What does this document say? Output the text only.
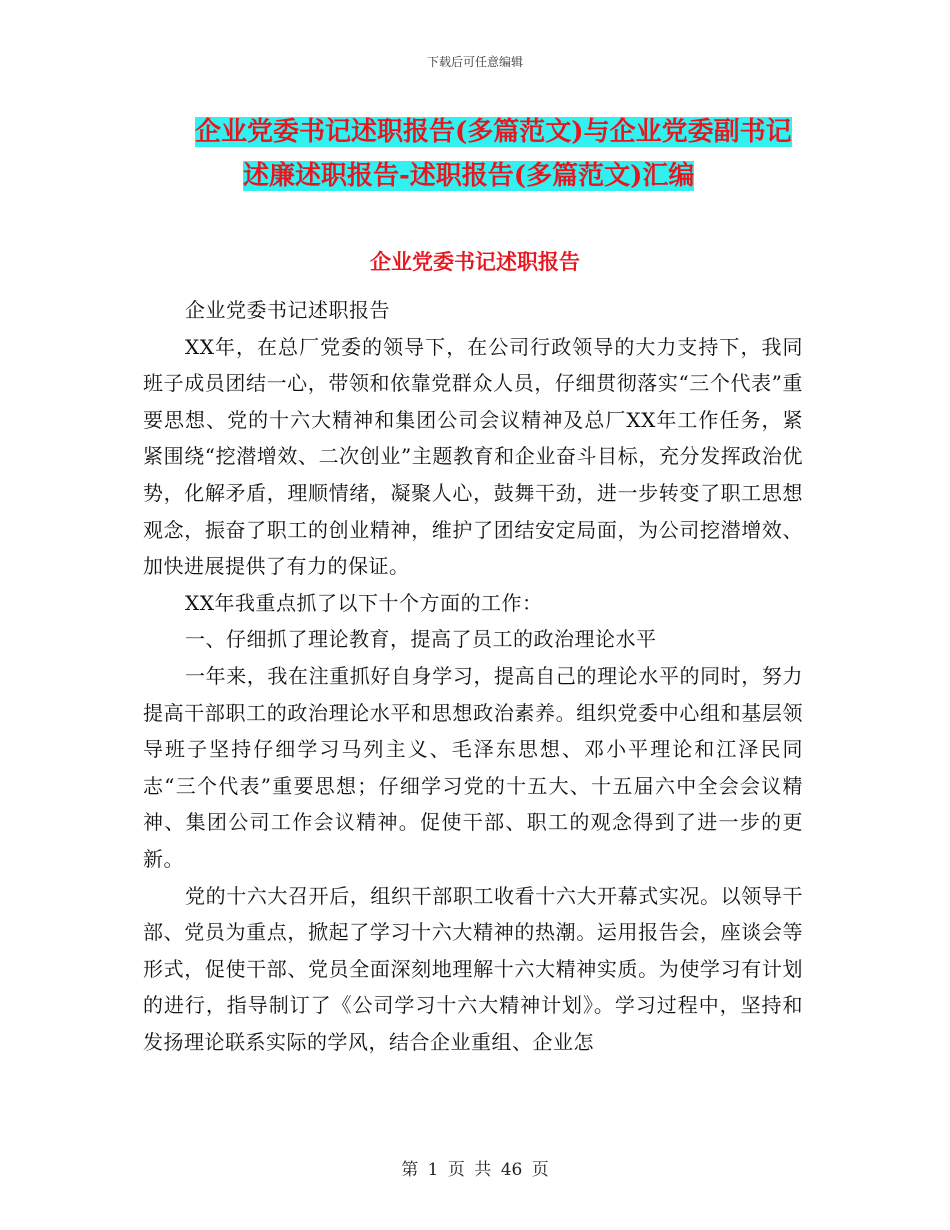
下载后可任意编辑
企业党委书记述职报告(多篇范文)与企业党委副书记
述廉述职报告-述职报告(多篇范文)汇编
企业党委书记述职报告

企业党委书记述职报告

XX年，在总厂党委的领导下，在公司行政领导的大力支持下，我同班子成员团结一心，带领和依靠党群众人员，仔细贯彻落实“三个代表”重要思想、党的十六大精神和集团公司会议精神及总厂XX年工作任务，紧紧围绕“挖潜增效、二次创业”主题教育和企业奋斗目标，充分发挥政治优势，化解矛盾，理顺情绪，凝聚人心，鼓舞干劲，进一步转变了职工思想观念，振奋了职工的创业精神，维护了团结安定局面，为公司挖潜增效、加快进展提供了有力的保证。

XX年我重点抓了以下十个方面的工作：

一、仔细抓了理论教育，提高了员工的政治理论水平

一年来，我在注重抓好自身学习，提高自己的理论水平的同时，努力提高干部职工的政治理论水平和思想政治素养。组织党委中心组和基层领导班子坚持仔细学习马列主义、毛泽东思想、邓小平理论和江泽民同志“三个代表”重要思想；仔细学习党的十五大、十五届六中全会会议精神、集团公司工作会议精神。促使干部、职工的观念得到了进一步的更新。

党的十六大召开后，组织干部职工收看十六大开幕式实况。以领导干部、党员为重点，掀起了学习十六大精神的热潮。运用报告会，座谈会等形式，促使干部、党员全面深刻地理解十六大精神实质。为使学习有计划的进行，指导制订了《公司学习十六大精神计划》。学习过程中，坚持和发扬理论联系实际的学风，结合企业重组、企业怎

第 1 页 共 46 页
